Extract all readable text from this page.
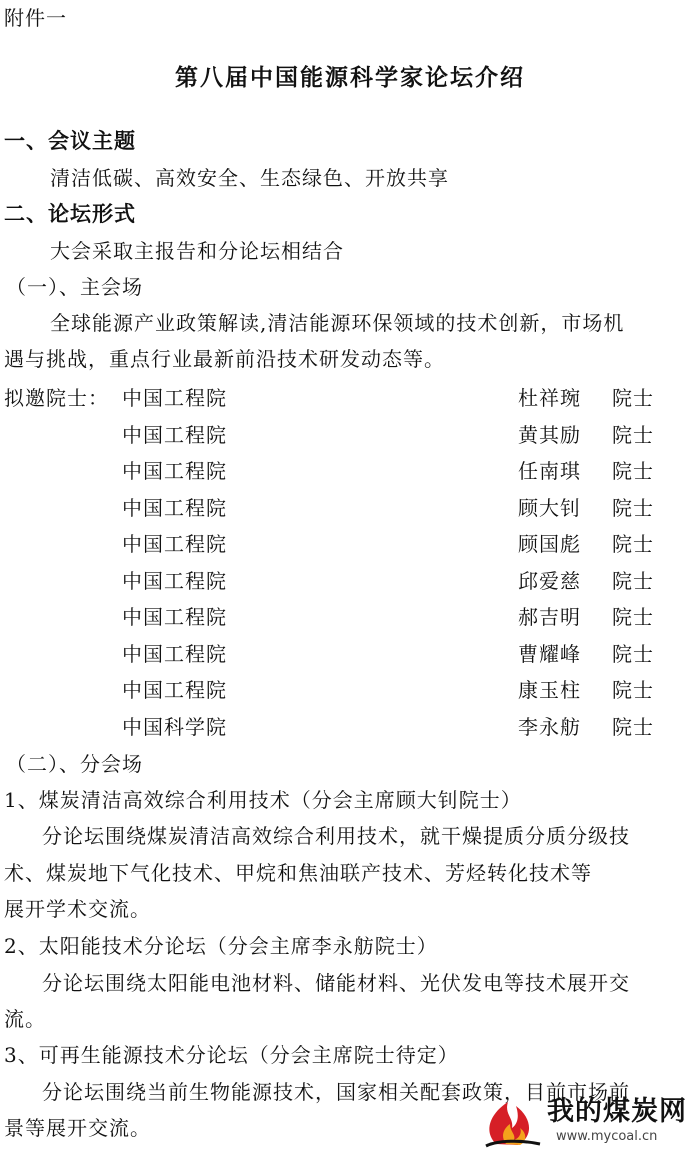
附件一
第八届中国能源科学家论坛介绍
一、会议主题
清洁低碳、高效安全、生态绿色、开放共享
二、论坛形式
大会采取主报告和分论坛相结合
（一）、主会场
全球能源产业政策解读,清洁能源环保领域的技术创新，市场机
遇与挑战，重点行业最新前沿技术研发动态等。
拟邀院士： 中国工程院	杜祥琬 院士
中国工程院	黄其励 院士
中国工程院	任南琪 院士
中国工程院	顾大钊 院士
中国工程院	顾国彪 院士
中国工程院	邱爱慈 院士
中国工程院	郝吉明 院士
中国工程院	曹耀峰 院士
中国工程院	康玉柱 院士
中国科学院	李永舫 院士
（二）、分会场
1、煤炭清洁高效综合利用技术（分会主席顾大钊院士）
分论坛围绕煤炭清洁高效综合利用技术，就干燥提质分质分级技
术、煤炭地下气化技术、甲烷和焦油联产技术、芳烃转化技术等
展开学术交流。
2、太阳能技术分论坛（分会主席李永舫院士）
分论坛围绕太阳能电池材料、储能材料、光伏发电等技术展开交
流。
3、可再生能源技术分论坛（分会主席院士待定）
分论坛围绕当前生物能源技术，国家相关配套政策，目前市场前
景等展开交流。
我的煤炭网
www.mycoal.cn
